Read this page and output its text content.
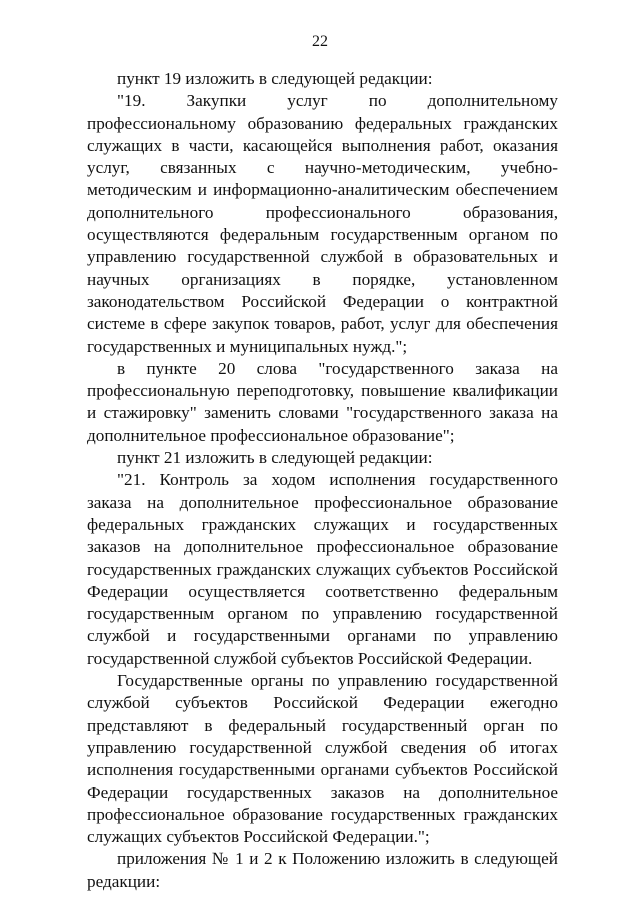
22

пункт 19 изложить в следующей редакции:

"19. Закупки услуг по дополнительному профессиональному образованию федеральных гражданских служащих в части, касающейся выполнения работ, оказания услуг, связанных с научно-методическим, учебно-методическим и информационно-аналитическим обеспечением дополнительного профессионального образования, осуществляются федеральным государственным органом по управлению государственной службой в образовательных и научных организациях в порядке, установленном законодательством Российской Федерации о контрактной системе в сфере закупок товаров, работ, услуг для обеспечения государственных и муниципальных нужд.";

в пункте 20 слова "государственного заказа на профессиональную переподготовку, повышение квалификации и стажировку" заменить словами "государственного заказа на дополнительное профессиональное образование";

пункт 21 изложить в следующей редакции:

"21. Контроль за ходом исполнения государственного заказа на дополнительное профессиональное образование федеральных гражданских служащих и государственных заказов на дополнительное профессиональное образование государственных гражданских служащих субъектов Российской Федерации осуществляется соответственно федеральным государственным органом по управлению государственной службой и государственными органами по управлению государственной службой субъектов Российской Федерации.

Государственные органы по управлению государственной службой субъектов Российской Федерации ежегодно представляют в федеральный государственный орган по управлению государственной службой сведения об итогах исполнения государственными органами субъектов Российской Федерации государственных заказов на дополнительное профессиональное образование государственных гражданских служащих субъектов Российской Федерации.";

приложения № 1 и 2 к Положению изложить в следующей редакции:
